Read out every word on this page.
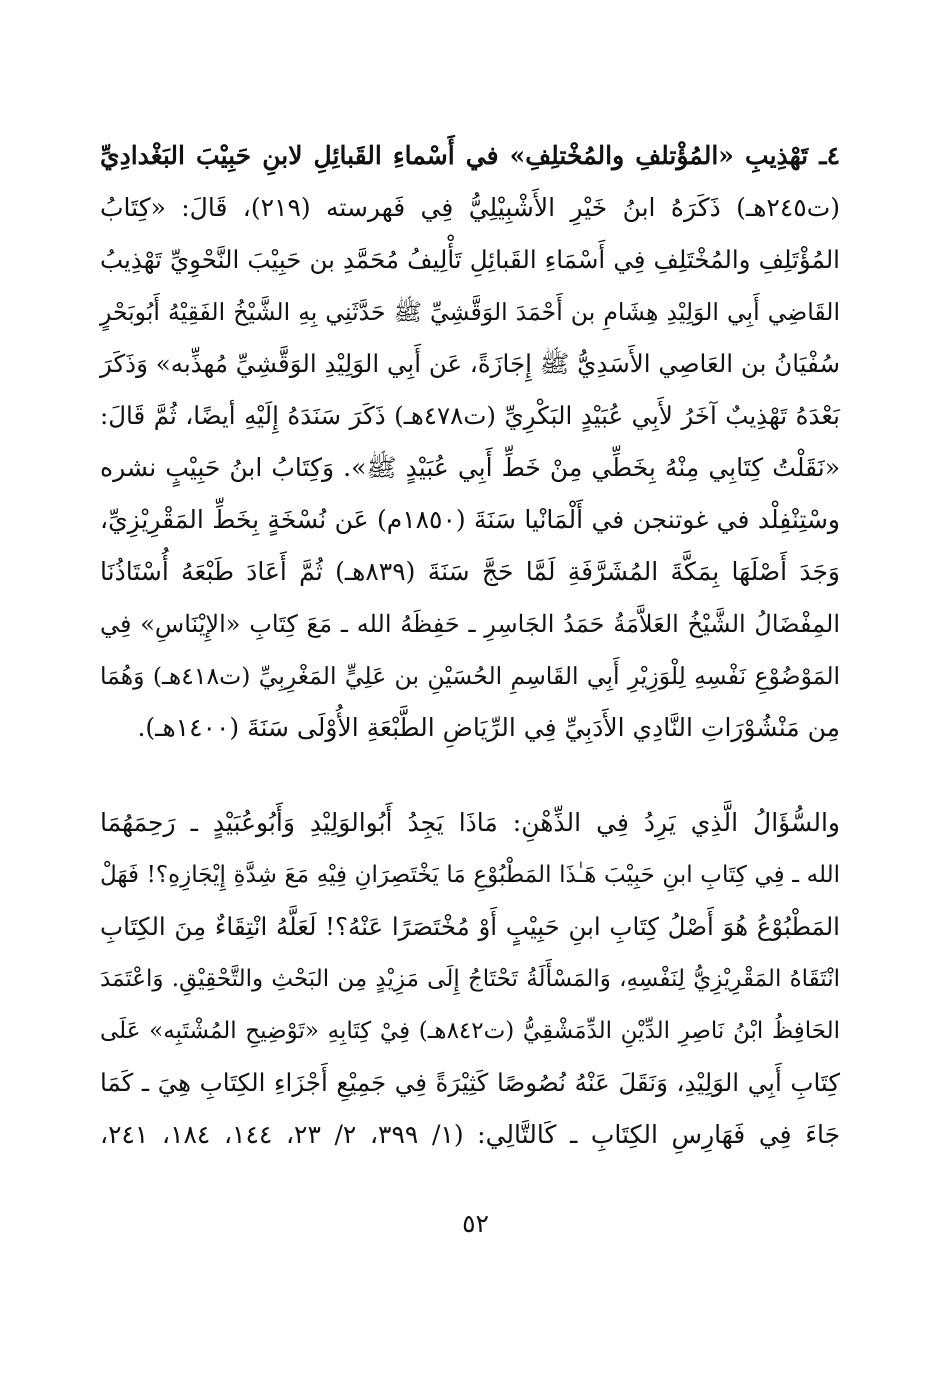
٤ـ تَهْذِيبِ «المُؤْتلفِ والمُخْتلِفِ» في أَسْماءِ القَبائِلِ لابنِ حَبِيْبَ البَغْدادِيِّ
(ت٢٤٥هـ) ذَكَرَهُ ابنُ خَيْرِ الأَشْبِيْلِيُّ فِي فَهرسته (٢١٩)، قَالَ: «كِتَابُ
المُؤْتَلِفِ والمُخْتَلِفِ فِي أَسْمَاءِ القَبائِلِ تَأْلِيفُ مُحَمَّدِ بن حَبِيْبَ النَّحْوِيِّ تَهْذِيبُ
القَاضِي أَبِي الوَلِيْدِ هِشَامِ بن أَحْمَدَ الوَقَّشِيِّ ﷺ حَدَّثَنِي بِهِ الشَّيْخُ الفَقِيْهُ أَبُوبَحْرٍ
سُفْيَانُ بن العَاصِي الأَسَدِيُّ ﷺ إِجَازَةً، عَن أَبِي الوَلِيْدِ الوَقَّشِيِّ مُهذِّبه» وَذَكَرَ
بَعْدَهُ تَهْذِيبٌ آخَرُ لأَبِي عُبَيْدٍ البَكْرِيِّ (ت٤٧٨هـ) ذَكَرَ سَنَدَهُ إِلَيْهِ أيضًا، ثُمَّ قَالَ:
«نَقَلْتُ كِتَابِي مِنْهُ بِخَطِّي مِنْ خَطِّ أَبِي عُبَيْدٍ ﷺ». وَكِتَابُ ابنُ حَبِيْبٍ نشره
وسْتِنْفِلْد في غوتنجن في أَلْمَانْيا سَنَةَ (١٨٥٠م) عَن نُسْخَةٍ بِخَطِّ المَقْرِيْزِيِّ،
وَجَدَ أَصْلَهَا بِمَكَّةَ المُشَرَّفَةِ لَمَّا حَجَّ سَنَةَ (٨٣٩هـ) ثُمَّ أَعَادَ طَبْعَهُ أُسْتَاذُنَا
المِفْضَالُ الشَّيْخُ العَلاَّمَةُ حَمَدُ الجَاسِرِ ـ حَفِظَهُ الله ـ مَعَ كِتَابِ «الإِيْنَاسِ» فِي
المَوْضُوْعِ نَفْسِهِ لِلْوَزِيْرِ أَبِي القَاسِمِ الحُسَيْنِ بن عَلِيٍّ المَغْرِبِيِّ (ت٤١٨هـ) وَهُمَا
مِن مَنْشُوْرَاتِ النَّادِي الأَدَبِيِّ فِي الرِّيَاضِ الطَّبْعَةِ الأُوْلَى سَنَةَ (١٤٠٠هـ).
والسُّؤَالُ الَّذِي يَرِدُ فِي الذِّهْنِ: مَاذَا يَجِدُ أَبُوالوَلِيْدِ وَأَبُوعُبَيْدٍ ـ رَحِمَهُمَا
الله ـ فِي كِتَابِ ابنِ حَبِيْبَ هَـٰذَا المَطْبُوْعِ مَا يَخْتَصِرَانِ فِيْهِ مَعَ شِدَّةِ إِيْجَازِهِ؟! فَهَلْ
المَطْبُوْعُ هُوَ أَصْلُ كِتَابِ ابنِ حَبِيْبٍ أَوْ مُخْتَصَرًا عَنْهُ؟! لَعَلَّهُ انْتِقَاءٌ مِنَ الكِتَابِ
انْتَقَاهُ المَقْرِيْزِيُّ لِنَفْسِهِ، وَالمَسْأَلَةُ تَحْتَاجُ إِلَى مَزِيْدٍ مِن البَحْثِ والتَّحْقِيْقِ. وَاعْتَمَدَ
الحَافِظُ ابْنُ نَاصِرِ الدِّيْنِ الدِّمَشْقِيُّ (ت٨٤٢هـ) فِيْ كِتَابِهِ «تَوْضِيحِ المُشْتَبِه» عَلَى
كِتَابِ أَبِي الوَلِيْدِ، وَنَقَلَ عَنْهُ نُصُوصًا كَثِيْرَةً فِي جَمِيْعِ أَجْزَاءِ الكِتَابِ هِيَ ـ كَمَا
جَاءَ فِي فَهَارِسِ الكِتَابِ ـ كَالتَّالِي: (١/ ٣٩٩، ٢/ ٢٣، ١٤٤، ١٨٤، ٢٤١،
٥٢
